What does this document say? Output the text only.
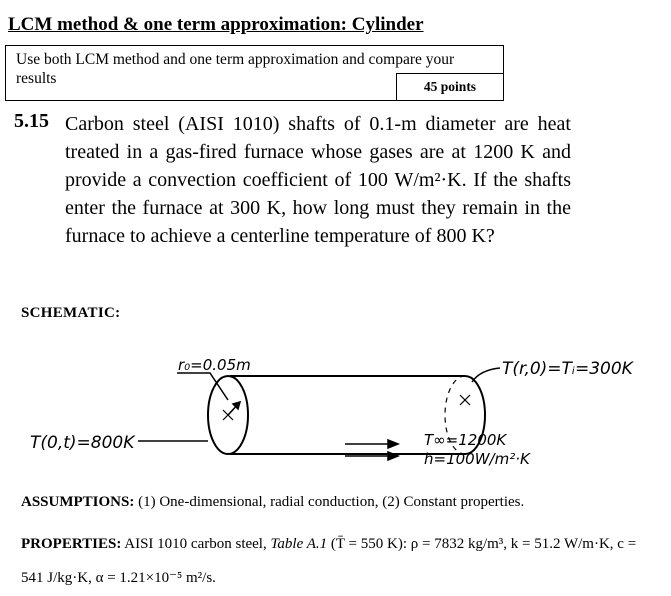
LCM method & one term approximation: Cylinder
Use both LCM method and one term approximation and compare your results	45 points
5.15 Carbon steel (AISI 1010) shafts of 0.1-m diameter are heat treated in a gas-fired furnace whose gases are at 1200 K and provide a convection coefficient of 100 W/m²·K. If the shafts enter the furnace at 300 K, how long must they remain in the furnace to achieve a centerline temperature of 800 K?
SCHEMATIC:
r₀=0.05m	T(r,0)=Tᵢ=300K
T(0,t)=800K	T∞=1200K
h=100W/m²·K
ASSUMPTIONS: (1) One-dimensional, radial conduction, (2) Constant properties.
PROPERTIES: AISI 1010 carbon steel, Table A.1 (T̄ = 550 K): ρ = 7832 kg/m³, k = 51.2 W/m·K, c = 541 J/kg·K, α = 1.21×10⁻⁵ m²/s.
